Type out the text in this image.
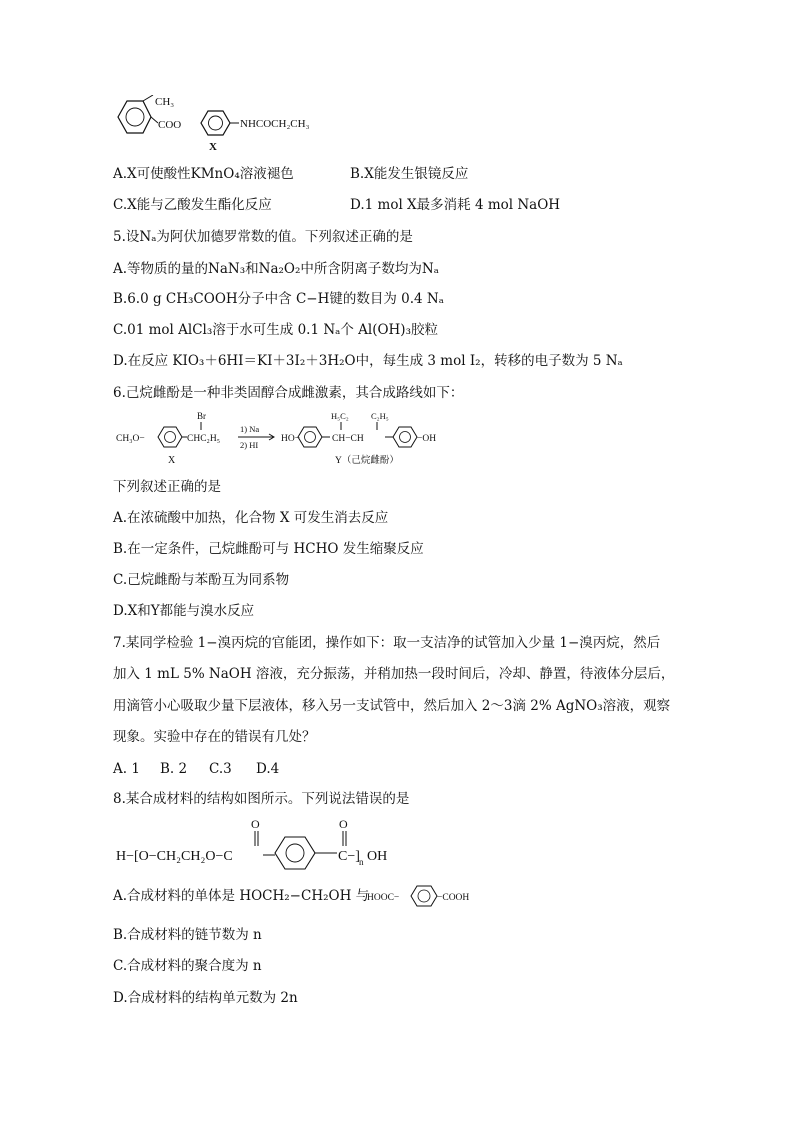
CH₃
COO	NHCOCH₂CH₃
X
A.X可使酸性KMnO₄溶液褪色	B.X能发生银镜反应
C.X能与乙酸发生酯化反应	D.1 mol X最多消耗 4 mol NaOH
5.设Nₐ为阿伏加德罗常数的值。下列叙述正确的是
A.等物质的量的NaN₃和Na₂O₂中所含阴离子数均为Nₐ
B.6.0 g CH₃COOH分子中含 C−H键的数目为 0.4 Nₐ
C.01 mol AlCl₃溶于水可生成 0.1 Nₐ个 Al(OH)₃胶粒
D.在反应 KIO₃＋6HI＝KI＋3I₂＋3H₂O中，每生成 3 mol I₂，转移的电子数为 5 Nₐ
6.己烷雌酚是一种非类固醇合成雌激素，其合成路线如下：
CH₃O−
Br
CHC₂H₅
X
1) Na
2) HI
HO−
H₅C₂	C₂H₅
CH−CH	−OH
Y（己烷雌酚）
下列叙述正确的是
A.在浓硫酸中加热，化合物 X 可发生消去反应
B.在一定条件，己烷雌酚可与 HCHO 发生缩聚反应
C.己烷雌酚与苯酚互为同系物
D.X和Y都能与溴水反应
7.某同学检验 1−溴丙烷的官能团，操作如下：取一支洁净的试管加入少量 1−溴丙烷，然后
加入 1 mL 5% NaOH 溶液，充分振荡，并稍加热一段时间后，冷却、静置，待液体分层后，
用滴管小心吸取少量下层液体，移入另一支试管中，然后加入 2～3滴 2% AgNO₃溶液，观察
现象。实验中存在的错误有几处？
A. 1 B. 2 C.3 D.4
8.某合成材料的结构如图所示。下列说法错误的是
H−[O−CH₂CH₂O−C
O	O
C−] n OH
A.合成材料的单体是 HOCH₂−CH₂OH 与
HOOC−	−COOH
B.合成材料的链节数为 n
C.合成材料的聚合度为 n
D.合成材料的结构单元数为 2n
